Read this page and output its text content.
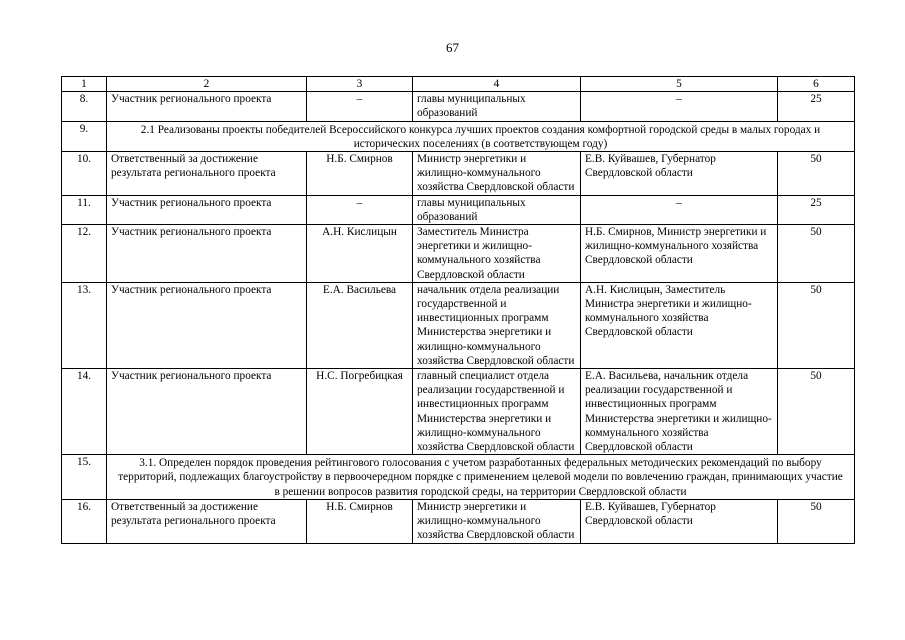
67
1	2	3	4	5	6
8.	Участник регионального проекта	–	главы муниципальных образований	–	25
9.	2.1 Реализованы проекты победителей Всероссийского конкурса лучших проектов создания комфортной городской среды в малых городах и исторических поселениях (в соответствующем году)				
10.	Ответственный за достижение результата регионального проекта	Н.Б. Смирнов	Министр энергетики и жилищно-коммунального хозяйства Свердловской области	Е.В. Куйвашев, Губернатор Свердловской области	50
11.	Участник регионального проекта	–	главы муниципальных образований	–	25
12.	Участник регионального проекта	А.Н. Кислицын	Заместитель Министра энергетики и жилищно-коммунального хозяйства Свердловской области	Н.Б. Смирнов, Министр энергетики и жилищно-коммунального хозяйства Свердловской области	50
13.	Участник регионального проекта	Е.А. Васильева	начальник отдела реализации государственной и инвестиционных программ Министерства энергетики и жилищно-коммунального хозяйства Свердловской области	А.Н. Кислицын, Заместитель Министра энергетики и жилищно-коммунального хозяйства Свердловской области	50
14.	Участник регионального проекта	Н.С. Погребицкая	главный специалист отдела реализации государственной и инвестиционных программ Министерства энергетики и жилищно-коммунального хозяйства Свердловской области	Е.А. Васильева, начальник отдела реализации государственной и инвестиционных программ Министерства энергетики и жилищно-коммунального хозяйства Свердловской области	50
15.	3.1. Определен порядок проведения рейтингового голосования с учетом разработанных федеральных методических рекомендаций по выбору территорий, подлежащих благоустройству в первоочередном порядке с применением целевой модели по вовлечению граждан, принимающих участие в решении вопросов развития городской среды, на территории Свердловской области				
16.	Ответственный за достижение результата регионального проекта	Н.Б. Смирнов	Министр энергетики и жилищно-коммунального хозяйства Свердловской области	Е.В. Куйвашев, Губернатор Свердловской области	50
